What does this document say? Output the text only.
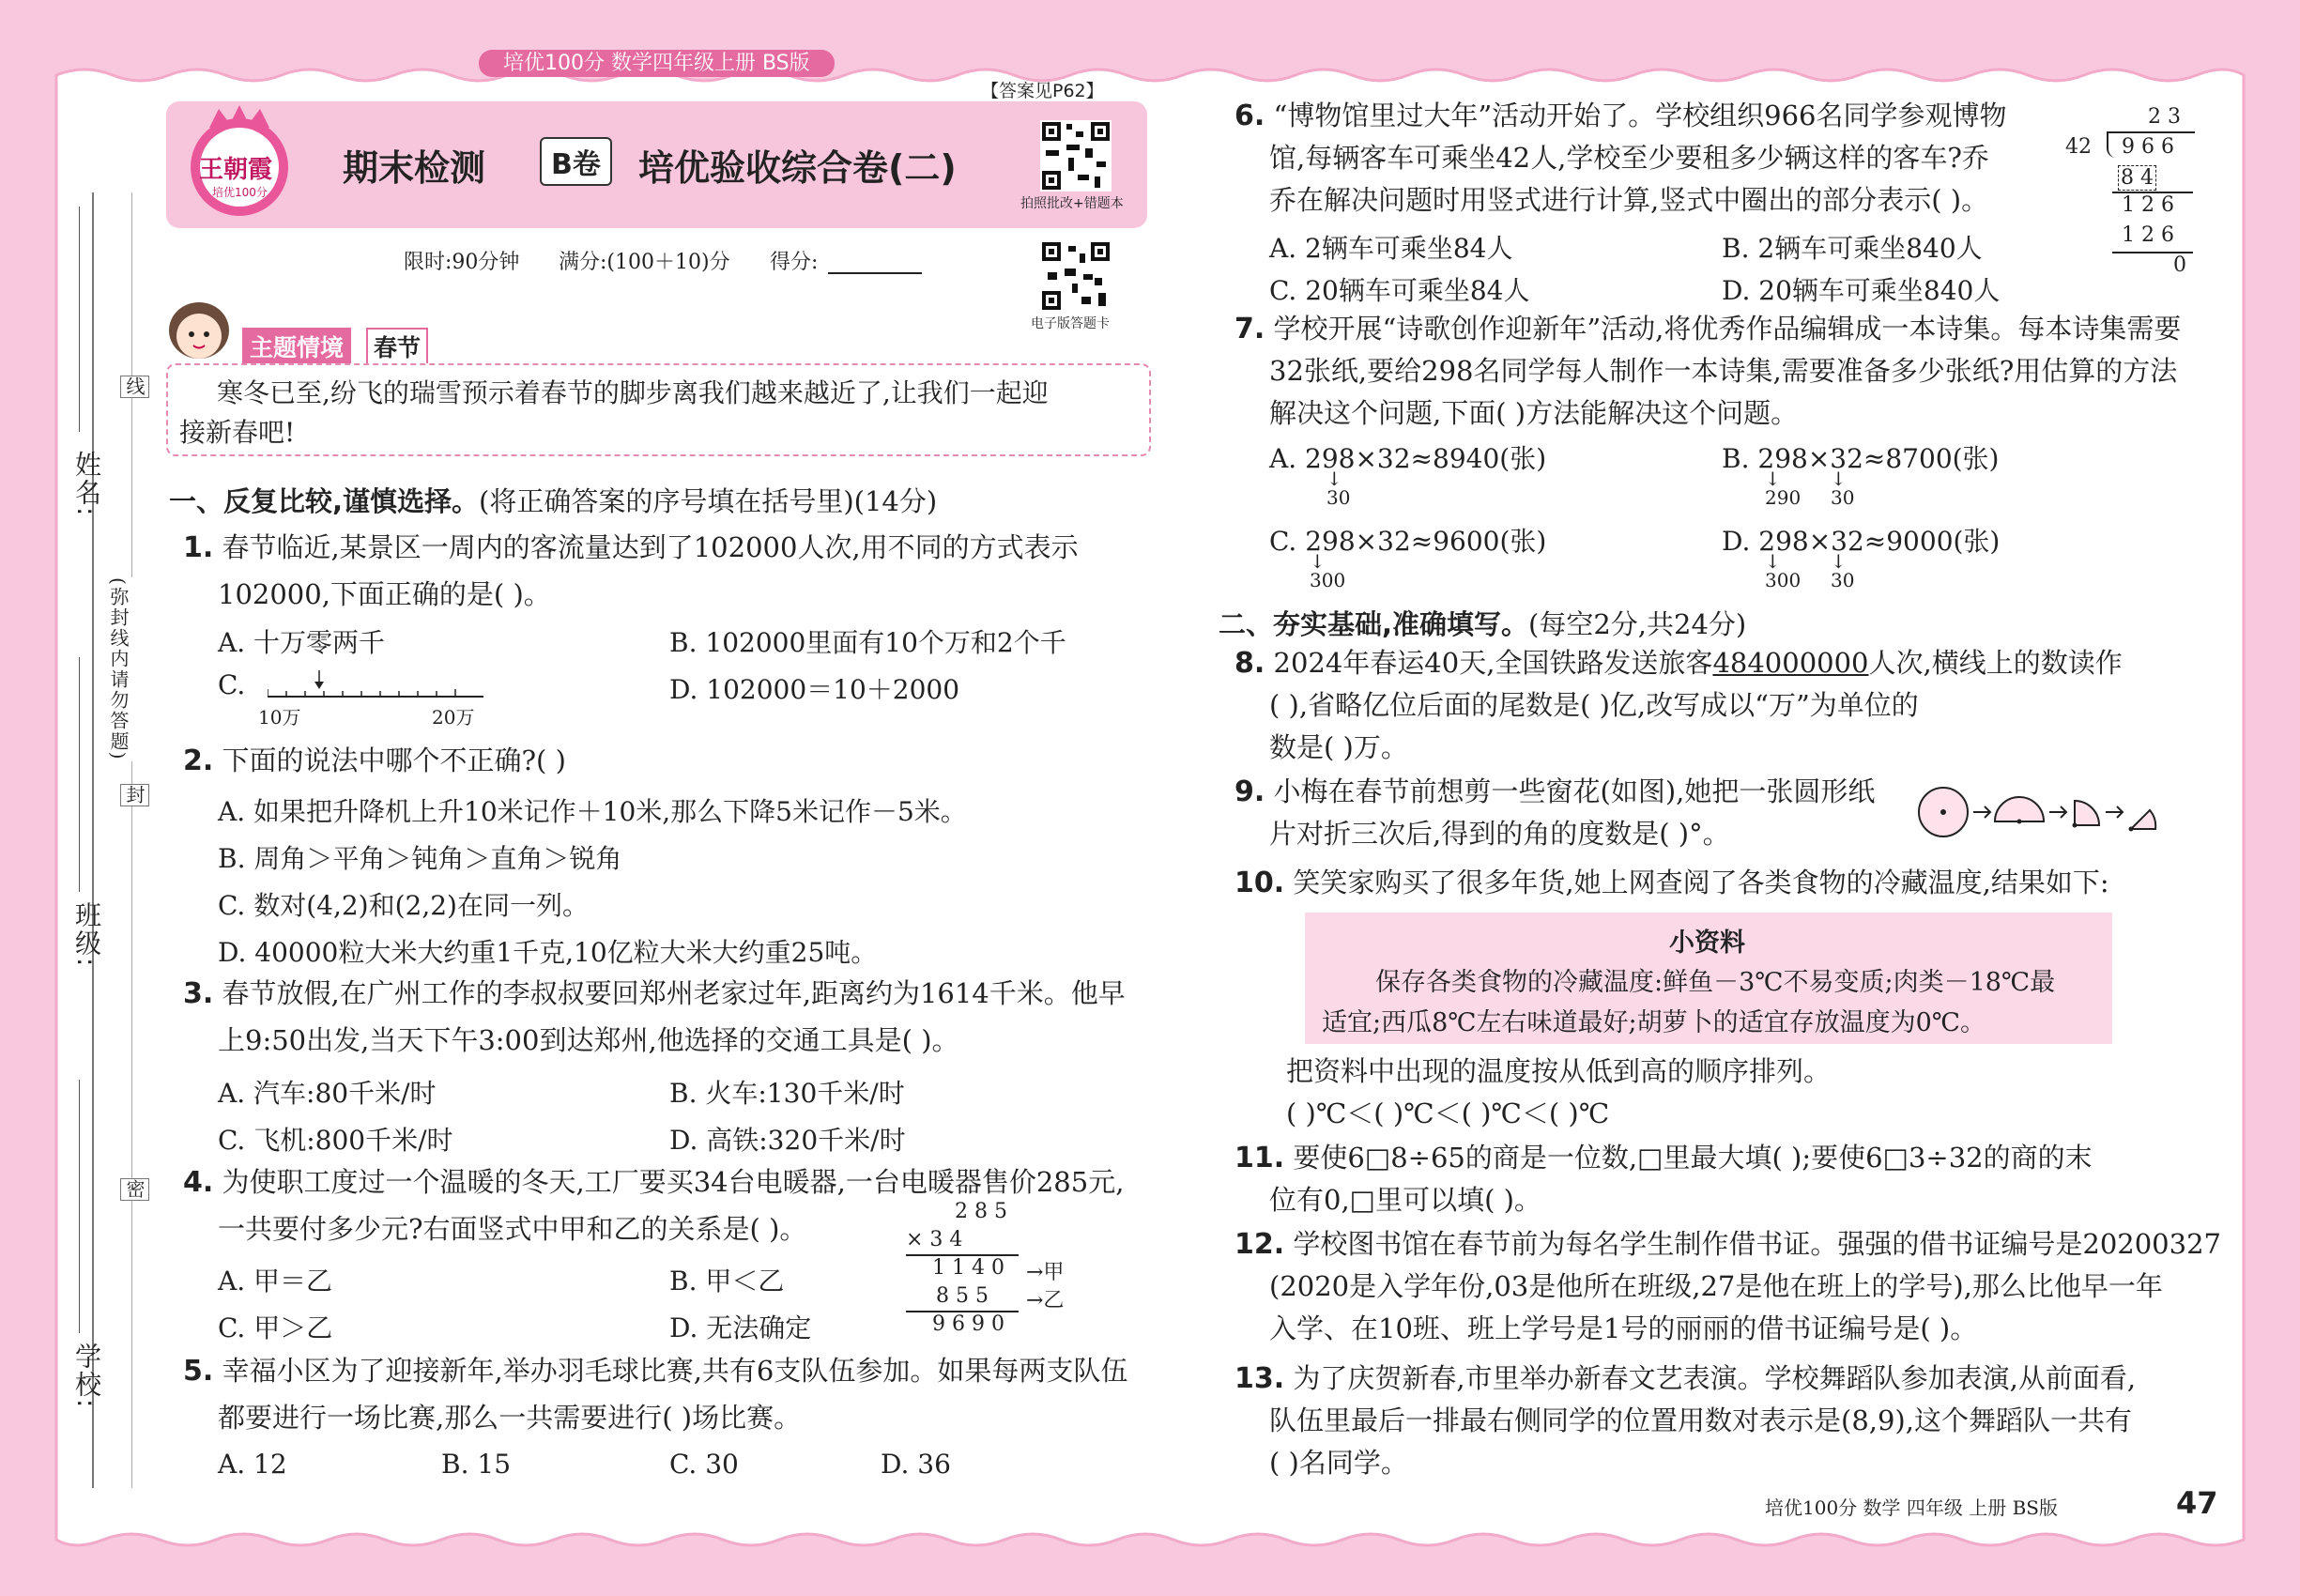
培优100分 数学四年级上册 BS版
姓名:
班级:
学校:
线
封
密
(弥封线内请勿答题)
【答案见P62】
王朝霞
培优100分
期末检测	B卷	培优验收综合卷(二)
拍照批改+错题本
电子版答题卡
限时:90分钟 满分:(100＋10)分 得分:
主题情境	春节
寒冬已至,纷飞的瑞雪预示着春节的脚步离我们越来越近了,让我们一起迎
接新春吧!
一、反复比较,谨慎选择。(将正确答案的序号填在括号里)(14分)
1. 春节临近,某景区一周内的客流量达到了102000人次,用不同的方式表示
102000,下面正确的是( )。
A. 十万零两千	B. 102000里面有10个万和2个千
C.
10万	20万
D. 102000＝10＋2000
2. 下面的说法中哪个不正确?( )
A. 如果把升降机上升10米记作＋10米,那么下降5米记作－5米。
B. 周角＞平角＞钝角＞直角＞锐角
C. 数对(4,2)和(2,2)在同一列。
D. 40000粒大米大约重1千克,10亿粒大米大约重25吨。
3. 春节放假,在广州工作的李叔叔要回郑州老家过年,距离约为1614千米。他早
上9:50出发,当天下午3:00到达郑州,他选择的交通工具是( )。
A. 汽车:80千米/时	B. 火车:130千米/时
C. 飞机:800千米/时	D. 高铁:320千米/时
4. 为使职工度过一个温暖的冬天,工厂要买34台电暖器,一台电暖器售价285元,
一共要付多少元?右面竖式中甲和乙的关系是( )。
A. 甲＝乙	B. 甲＜乙
C. 甲＞乙	D. 无法确定
2 8 5
× 3 4
1 1 4 0 →甲
8 5 5 →乙
9 6 9 0
5. 幸福小区为了迎接新年,举办羽毛球比赛,共有6支队伍参加。如果每两支队伍
都要进行一场比赛,那么一共需要进行( )场比赛。
A. 12	B. 15	C. 30	D. 36
6. “博物馆里过大年”活动开始了。学校组织966名同学参观博物
馆,每辆客车可乘坐42人,学校至少要租多少辆这样的客车?乔
乔在解决问题时用竖式进行计算,竖式中圈出的部分表示( )。
A. 2辆车可乘坐84人	B. 2辆车可乘坐840人
C. 20辆车可乘坐84人	D. 20辆车可乘坐840人
2 3
42 9 6 6
8 4
1 2 6
1 2 6
0
7. 学校开展“诗歌创作迎新年”活动,将优秀作品编辑成一本诗集。每本诗集需要
32张纸,要给298名同学每人制作一本诗集,需要准备多少张纸?用估算的方法
解决这个问题,下面( )方法能解决这个问题。
A. 298×32≈8940(张)
↓
30
B. 298×32≈8700(张)
↓
290
↓
30
C. 298×32≈9600(张)
↓
300
D. 298×32≈9000(张)
↓
300
↓
30
二、夯实基础,准确填写。(每空2分,共24分)
8. 2024年春运40天,全国铁路发送旅客484000000人次,横线上的数读作
( ),省略亿位后面的尾数是( )亿,改写成以“万”为单位的
数是( )万。
9. 小梅在春节前想剪一些窗花(如图),她把一张圆形纸
片对折三次后,得到的角的度数是( )°。
10. 笑笑家购买了很多年货,她上网查阅了各类食物的冷藏温度,结果如下:
小资料
保存各类食物的冷藏温度:鲜鱼－3℃不易变质;肉类－18℃最
适宜;西瓜8℃左右味道最好;胡萝卜的适宜存放温度为0℃。
把资料中出现的温度按从低到高的顺序排列。
( )℃＜( )℃＜( )℃＜( )℃
11. 要使6□8÷65的商是一位数,□里最大填( );要使6□3÷32的商的末
位有0,□里可以填( )。
12. 学校图书馆在春节前为每名学生制作借书证。强强的借书证编号是20200327
(2020是入学年份,03是他所在班级,27是他在班上的学号),那么比他早一年
入学、在10班、班上学号是1号的丽丽的借书证编号是( )。
13. 为了庆贺新春,市里举办新春文艺表演。学校舞蹈队参加表演,从前面看,
队伍里最后一排最右侧同学的位置用数对表示是(8,9),这个舞蹈队一共有
( )名同学。
培优100分 数学 四年级 上册 BS版	47
